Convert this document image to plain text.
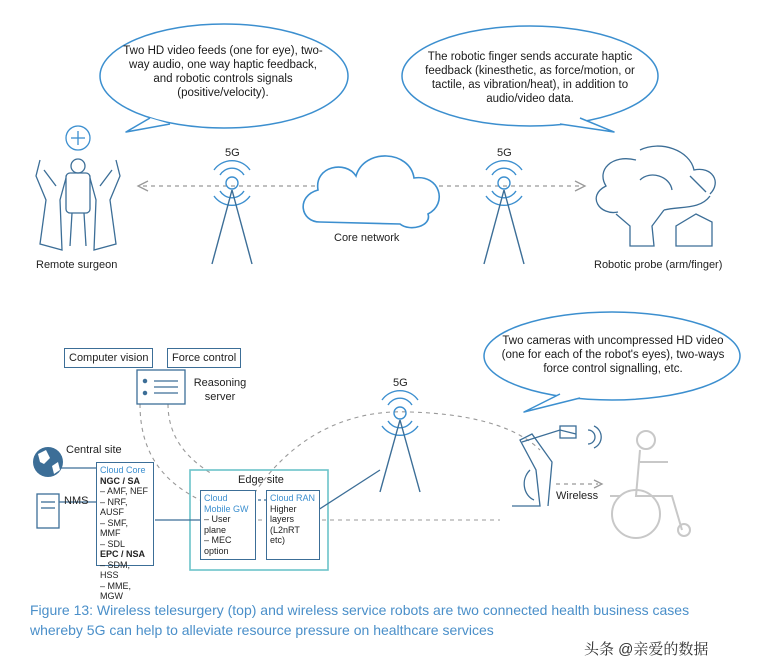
Two HD video feeds (one for eye), two-way audio, one way haptic feedback, and robotic controls signals (positive/velocity).
The robotic finger sends accurate haptic feedback (kinesthetic, as force/motion, or tactile, as vibration/heat), in addition to audio/video data.
5G	5G
Core network
Remote surgeon	Robotic probe (arm/finger)
Computer vision	Force control
Reasoning server
Central site
NMS
Cloud Core
NGC / SA
– AMF, NEF
– NRF, AUSF
– SMF, MMF
– SDL
EPC / NSA
– SDM, HSS
– MME, MGW
Edge site
Cloud Mobile GW
– User plane
– MEC option
Cloud RAN
Higher layers (L2nRT etc)
5G
Two cameras with uncompressed HD video (one for each of the robot's eyes), two-ways force control signalling, etc.
Wireless
Figure 13: Wireless telesurgery (top) and wireless service robots are two connected health business cases whereby 5G can help to alleviate resource pressure on healthcare services
头条 @亲爱的数据
